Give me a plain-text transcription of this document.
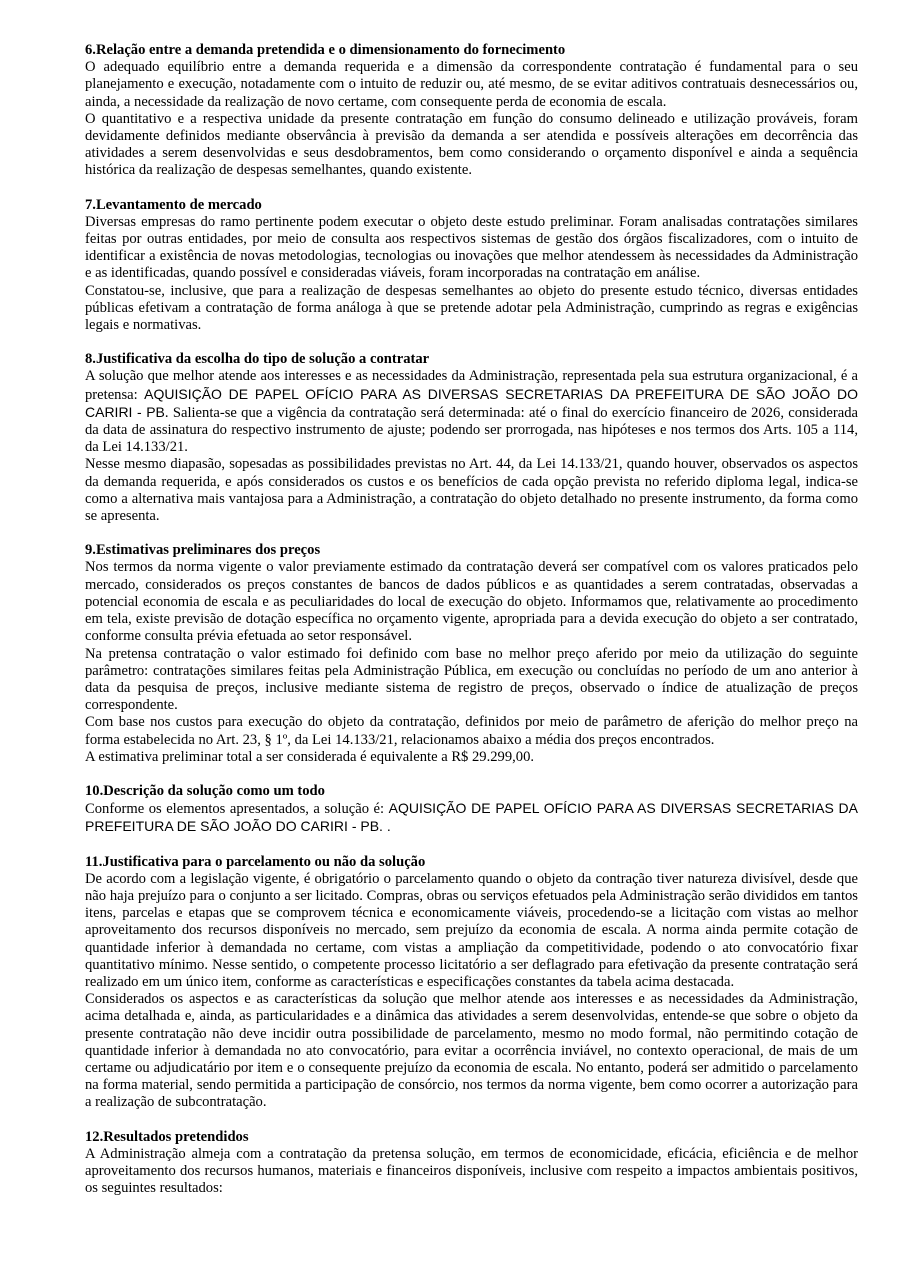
6.Relação entre a demanda pretendida e o dimensionamento do fornecimento

O adequado equilíbrio entre a demanda requerida e a dimensão da correspondente contratação é fundamental para o seu planejamento e execução, notadamente com o intuito de reduzir ou, até mesmo, de se evitar aditivos contratuais desnecessários ou, ainda, a necessidade da realização de novo certame, com consequente perda de economia de escala.

O quantitativo e a respectiva unidade da presente contratação em função do consumo delineado e utilização prováveis, foram devidamente definidos mediante observância à previsão da demanda a ser atendida e possíveis alterações em decorrência das atividades a serem desenvolvidas e seus desdobramentos, bem como considerando o orçamento disponível e ainda a sequência histórica da realização de despesas semelhantes, quando existente.

7.Levantamento de mercado

Diversas empresas do ramo pertinente podem executar o objeto deste estudo preliminar. Foram analisadas contratações similares feitas por outras entidades, por meio de consulta aos respectivos sistemas de gestão dos órgãos fiscalizadores, com o intuito de identificar a existência de novas metodologias, tecnologias ou inovações que melhor atendessem às necessidades da Administração e as identificadas, quando possível e consideradas viáveis, foram incorporadas na contratação em análise.

Constatou-se, inclusive, que para a realização de despesas semelhantes ao objeto do presente estudo técnico, diversas entidades públicas efetivam a contratação de forma análoga à que se pretende adotar pela Administração, cumprindo as regras e exigências legais e normativas.

8.Justificativa da escolha do tipo de solução a contratar

A solução que melhor atende aos interesses e as necessidades da Administração, representada pela sua estrutura organizacional, é a pretensa: AQUISIÇÃO DE PAPEL OFÍCIO PARA AS DIVERSAS SECRETARIAS DA PREFEITURA DE SÃO JOÃO DO CARIRI - PB. Salienta-se que a vigência da contratação será determinada: até o final do exercício financeiro de 2026, considerada da data de assinatura do respectivo instrumento de ajuste; podendo ser prorrogada, nas hipóteses e nos termos dos Arts. 105 a 114, da Lei 14.133/21.

Nesse mesmo diapasão, sopesadas as possibilidades previstas no Art. 44, da Lei 14.133/21, quando houver, observados os aspectos da demanda requerida, e após considerados os custos e os benefícios de cada opção prevista no referido diploma legal, indica-se como a alternativa mais vantajosa para a Administração, a contratação do objeto detalhado no presente instrumento, da forma como se apresenta.

9.Estimativas preliminares dos preços

Nos termos da norma vigente o valor previamente estimado da contratação deverá ser compatível com os valores praticados pelo mercado, considerados os preços constantes de bancos de dados públicos e as quantidades a serem contratadas, observadas a potencial economia de escala e as peculiaridades do local de execução do objeto. Informamos que, relativamente ao procedimento em tela, existe previsão de dotação específica no orçamento vigente, apropriada para a devida execução do objeto a ser contratado, conforme consulta prévia efetuada ao setor responsável.

Na pretensa contratação o valor estimado foi definido com base no melhor preço aferido por meio da utilização do seguinte parâmetro: contratações similares feitas pela Administração Pública, em execução ou concluídas no período de um ano anterior à data da pesquisa de preços, inclusive mediante sistema de registro de preços, observado o índice de atualização de preços correspondente.

Com base nos custos para execução do objeto da contratação, definidos por meio de parâmetro de aferição do melhor preço na forma estabelecida no Art. 23, § 1º, da Lei 14.133/21, relacionamos abaixo a média dos preços encontrados.

A estimativa preliminar total a ser considerada é equivalente a R$ 29.299,00.

10.Descrição da solução como um todo

Conforme os elementos apresentados, a solução é: AQUISIÇÃO DE PAPEL OFÍCIO PARA AS DIVERSAS SECRETARIAS DA PREFEITURA DE SÃO JOÃO DO CARIRI - PB. .

11.Justificativa para o parcelamento ou não da solução

De acordo com a legislação vigente, é obrigatório o parcelamento quando o objeto da contração tiver natureza divisível, desde que não haja prejuízo para o conjunto a ser licitado. Compras, obras ou serviços efetuados pela Administração serão divididos em tantos itens, parcelas e etapas que se comprovem técnica e economicamente viáveis, procedendo-se a licitação com vistas ao melhor aproveitamento dos recursos disponíveis no mercado, sem prejuízo da economia de escala. A norma ainda permite cotação de quantidade inferior à demandada no certame, com vistas a ampliação da competitividade, podendo o ato convocatório fixar quantitativo mínimo. Nesse sentido, o competente processo licitatório a ser deflagrado para efetivação da presente contratação será realizado em um único item, conforme as características e especificações constantes da tabela acima destacada.

Considerados os aspectos e as características da solução que melhor atende aos interesses e as necessidades da Administração, acima detalhada e, ainda, as particularidades e a dinâmica das atividades a serem desenvolvidas, entende-se que sobre o objeto da presente contratação não deve incidir outra possibilidade de parcelamento, mesmo no modo formal, não permitindo cotação de quantidade inferior à demandada no ato convocatório, para evitar a ocorrência inviável, no contexto operacional, de mais de um certame ou adjudicatário por item e o consequente prejuízo da economia de escala. No entanto, poderá ser admitido o parcelamento na forma material, sendo permitida a participação de consórcio, nos termos da norma vigente, bem como ocorrer a autorização para a realização de subcontratação.

12.Resultados pretendidos

A Administração almeja com a contratação da pretensa solução, em termos de economicidade, eficácia, eficiência e de melhor aproveitamento dos recursos humanos, materiais e financeiros disponíveis, inclusive com respeito a impactos ambientais positivos, os seguintes resultados:
